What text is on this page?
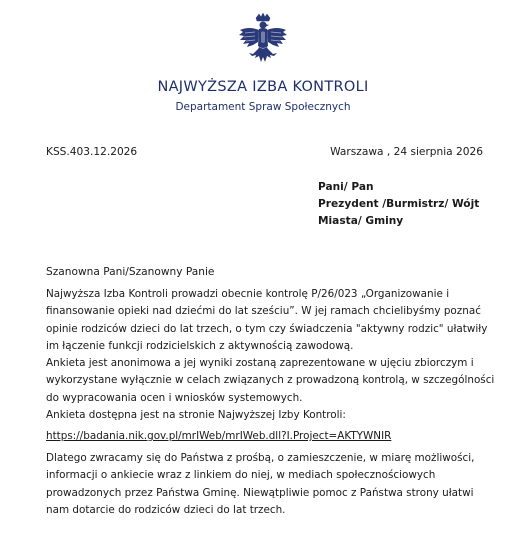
NAJWYŻSZA IZBA KONTROLI
Departament Spraw Społecznych
KSS.403.12.2026	Warszawa , 24 sierpnia 2026
Pani/ Pan
Prezydent /Burmistrz/ Wójt
Miasta/ Gminy
Szanowna Pani/Szanowny Panie

Najwyższa Izba Kontroli prowadzi obecnie kontrolę P/26/023 „Organizowanie i finansowanie opieki nad dziećmi do lat sześciu”. W jej ramach chcielibyśmy poznać opinie rodziców dzieci do lat trzech, o tym czy świadczenia "aktywny rodzic" ułatwiły im łączenie funkcji rodzicielskich z aktywnością zawodową.

Ankieta jest anonimowa a jej wyniki zostaną zaprezentowane w ujęciu zbiorczym i wykorzystane wyłącznie w celach związanych z prowadzoną kontrolą, w szczególności do wypracowania ocen i wniosków systemowych.

Ankieta dostępna jest na stronie Najwyższej Izby Kontroli:

https://badania.nik.gov.pl/mrIWeb/mrIWeb.dll?I.Project=AKTYWNIR

Dlatego zwracamy się do Państwa z prośbą, o zamieszczenie, w miarę możliwości, informacji o ankiecie wraz z linkiem do niej, w mediach społecznościowych prowadzonych przez Państwa Gminę. Niewątpliwie pomoc z Państwa strony ułatwi nam dotarcie do rodziców dzieci do lat trzech.
